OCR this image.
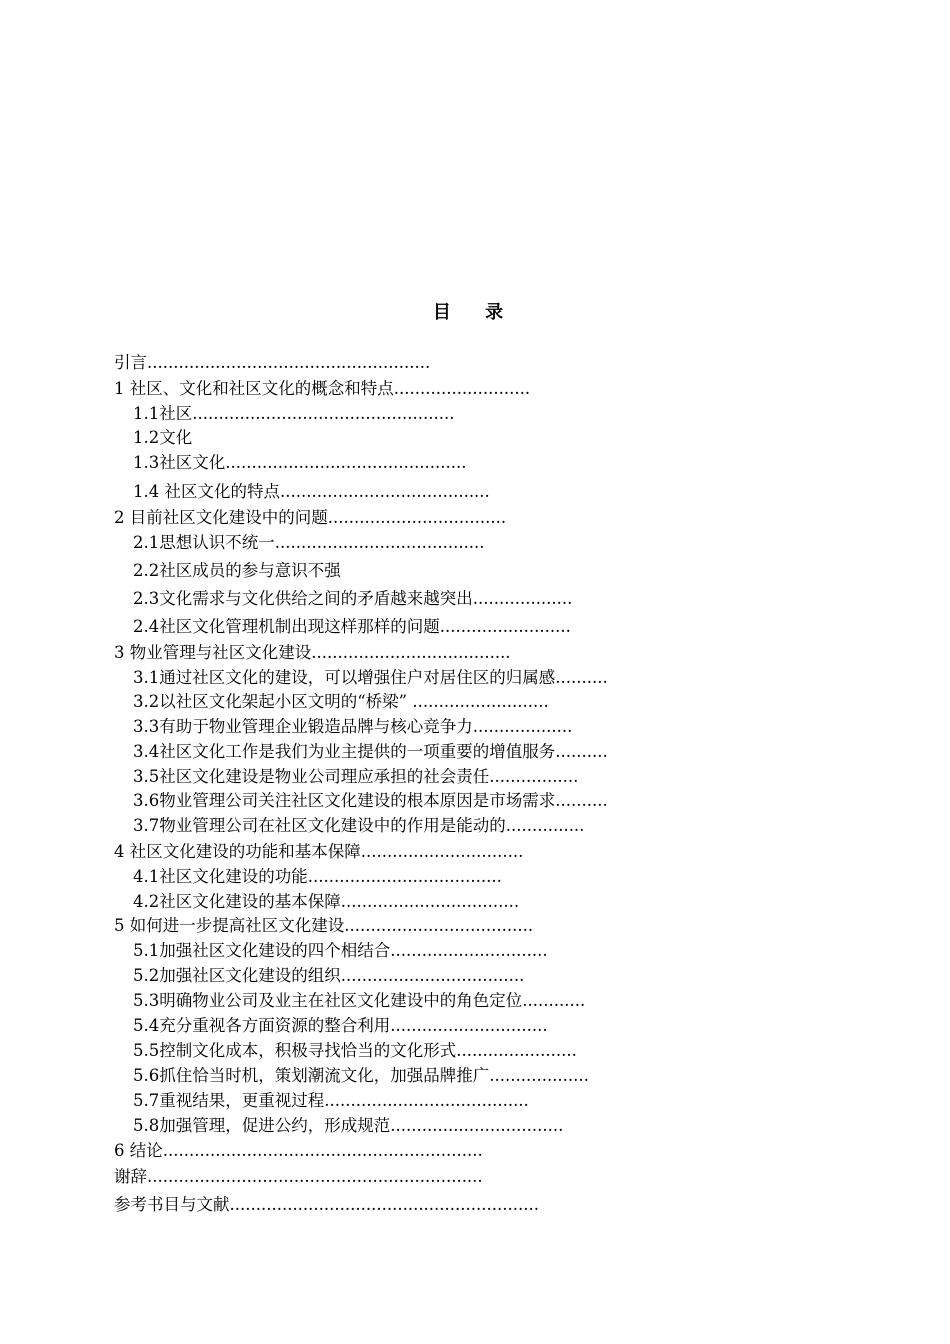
目 录
引言......................................................
1 社区、文化和社区文化的概念和特点..........................
1.1社区..................................................
1.2文化
1.3社区文化..............................................
1.4 社区文化的特点........................................
2 目前社区文化建设中的问题..................................
2.1思想认识不统一........................................
2.2社区成员的参与意识不强
2.3文化需求与文化供给之间的矛盾越来越突出...................
2.4社区文化管理机制出现这样那样的问题.........................
3 物业管理与社区文化建设......................................
3.1通过社区文化的建设，可以增强住户对居住区的归属感..........
3.2以社区文化架起小区文明的“桥梁” ..........................
3.3有助于物业管理企业锻造品牌与核心竞争力...................
3.4社区文化工作是我们为业主提供的一项重要的增值服务..........
3.5社区文化建设是物业公司理应承担的社会责任.................
3.6物业管理公司关注社区文化建设的根本原因是市场需求..........
3.7物业管理公司在社区文化建设中的作用是能动的...............
4 社区文化建设的功能和基本保障...............................
4.1社区文化建设的功能.....................................
4.2社区文化建设的基本保障..................................
5 如何进一步提高社区文化建设....................................
5.1加强社区文化建设的四个相结合..............................
5.2加强社区文化建设的组织...................................
5.3明确物业公司及业主在社区文化建设中的角色定位............
5.4充分重视各方面资源的整合利用..............................
5.5控制文化成本，积极寻找恰当的文化形式.......................
5.6抓住恰当时机，策划潮流文化，加强品牌推广...................
5.7重视结果，更重视过程.......................................
5.8加强管理，促进公约，形成规范.................................
6 结论.............................................................
谢辞................................................................
参考书目与文献...........................................................
